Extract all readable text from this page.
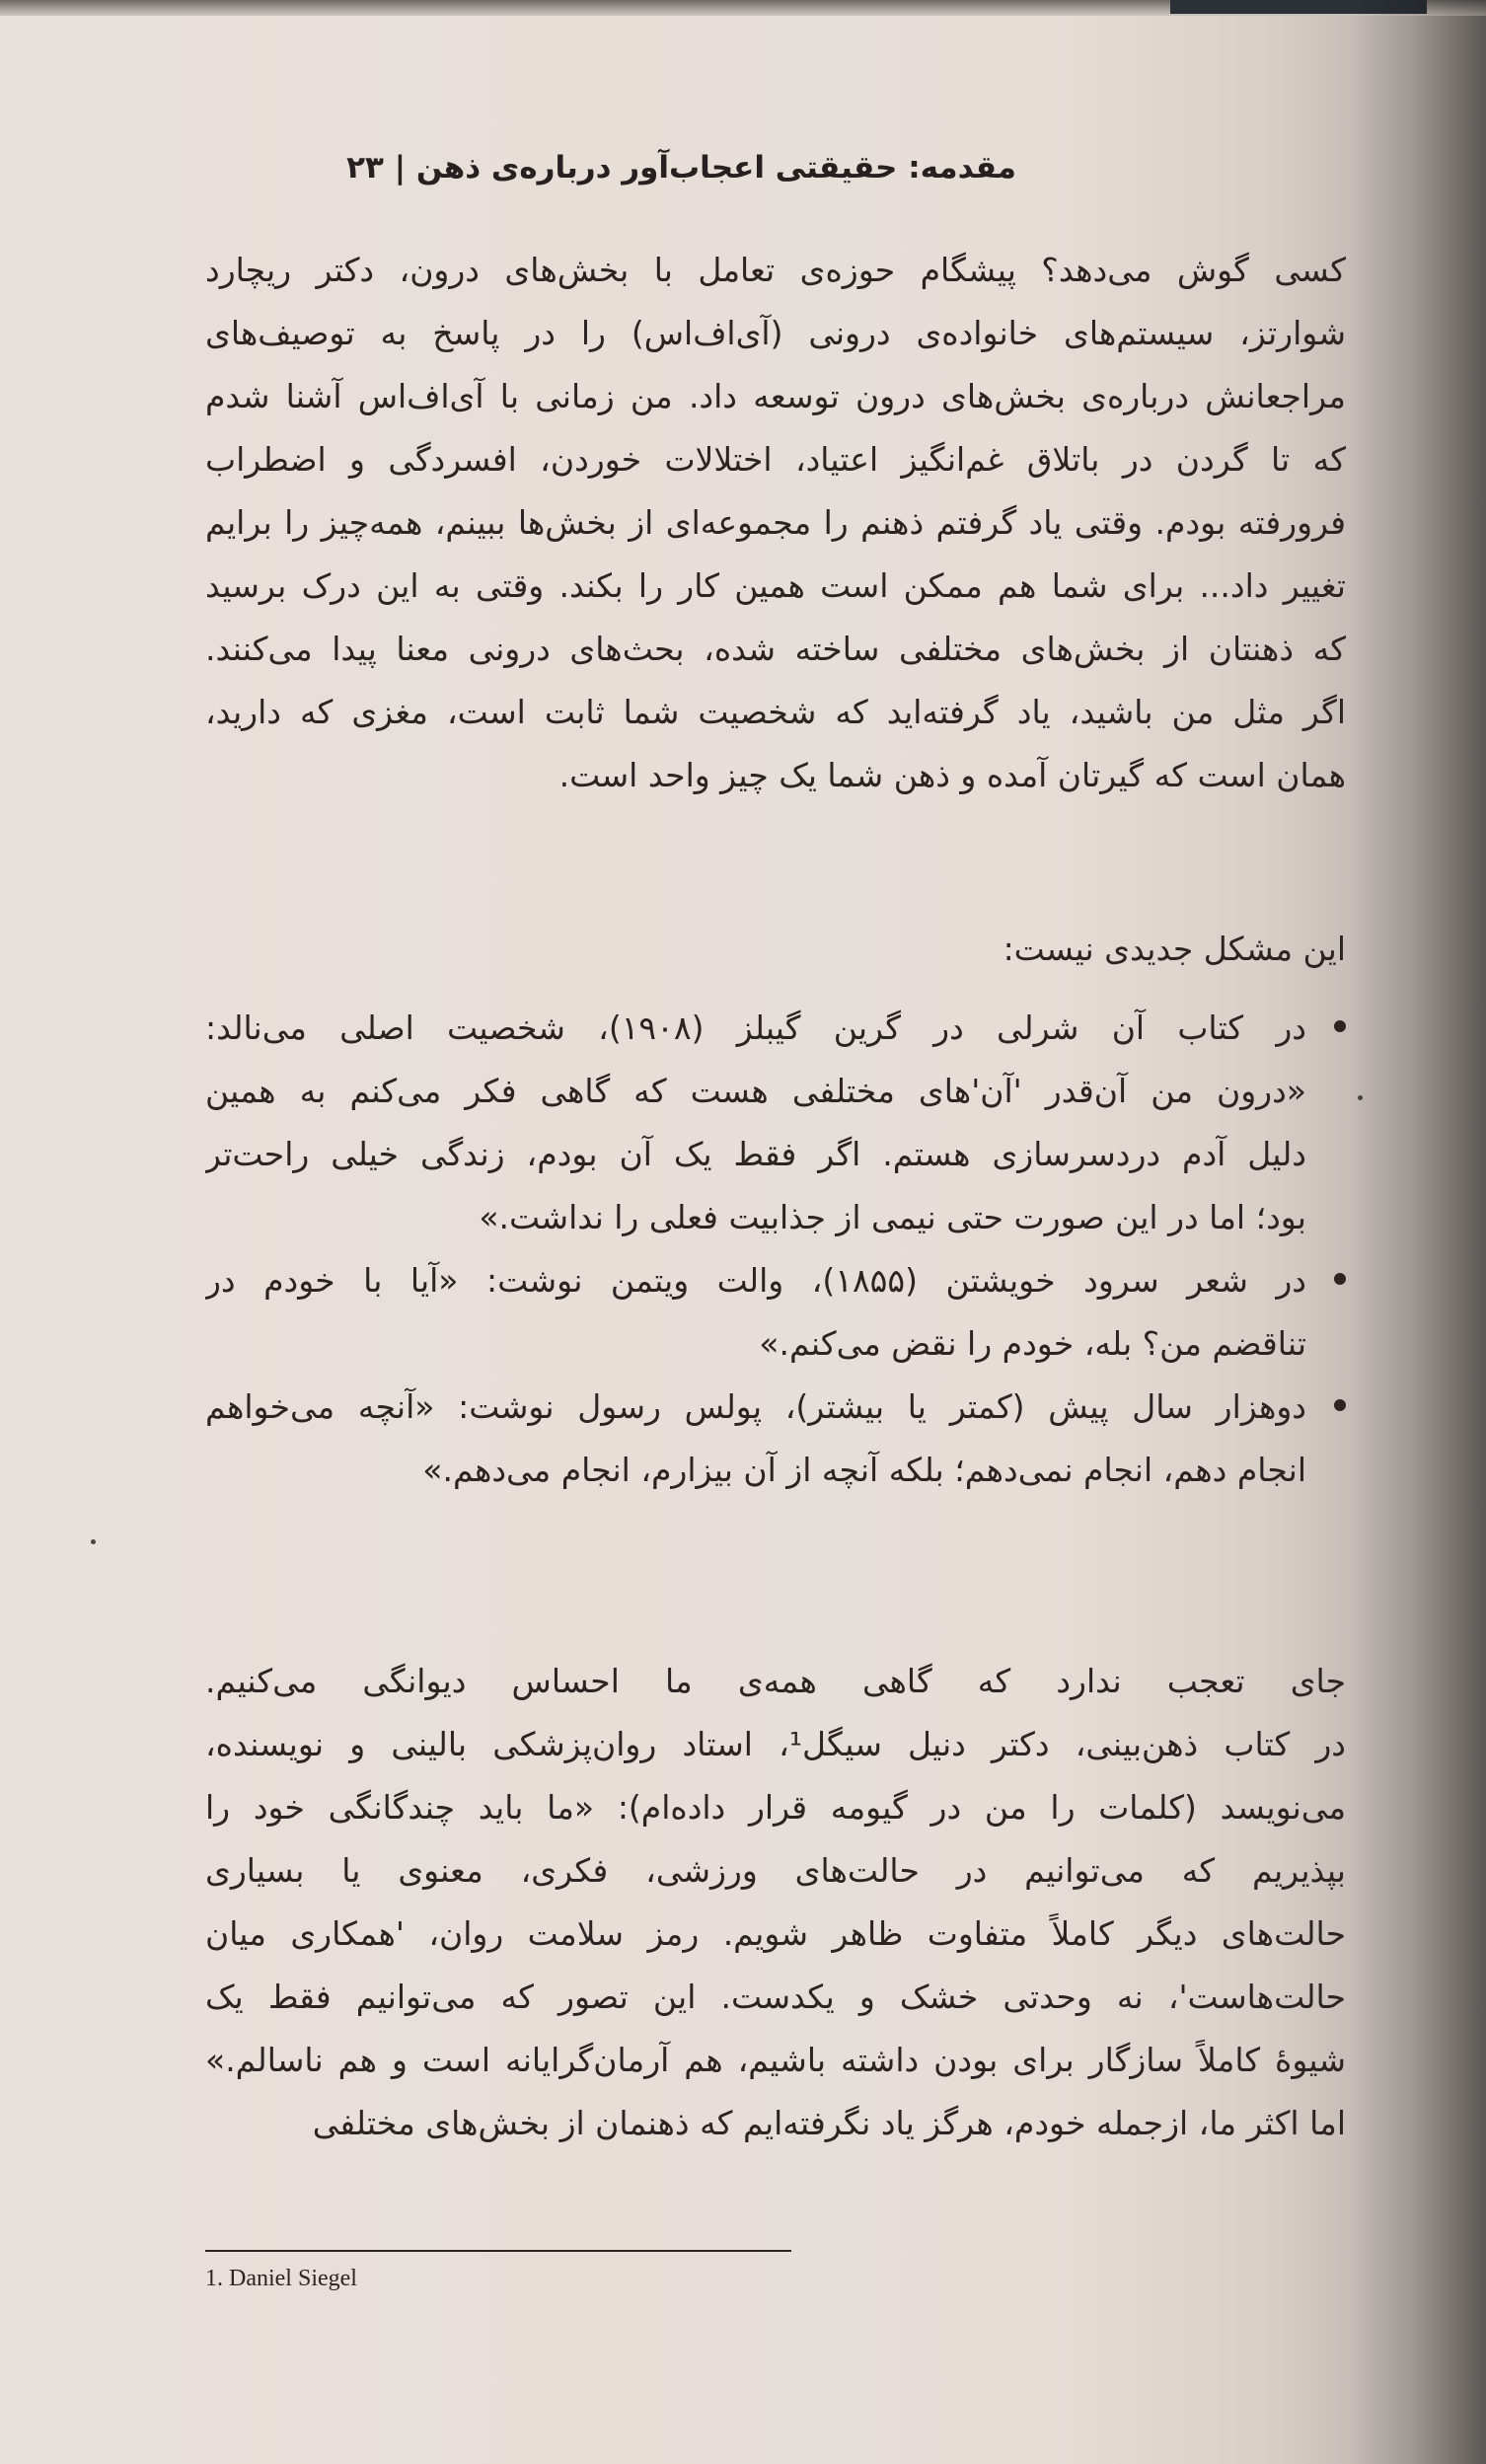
مقدمه: حقیقتی اعجاب‌آور درباره‌ی ذهن | ۲۳
کسی گوش می‌دهد؟ پیشگام حوزه‌ی تعامل با بخش‌های درون، دکتر ریچارد
شوارتز، سیستم‌های خانواده‌ی درونی (آی‌اف‌اس) را در پاسخ به توصیف‌های
مراجعانش درباره‌ی بخش‌های درون توسعه داد. من زمانی با آی‌اف‌اس آشنا شدم
که تا گردن در باتلاق غم‌انگیز اعتیاد، اختلالات خوردن، افسردگی و اضطراب
فرورفته بودم. وقتی یاد گرفتم ذهنم را مجموعه‌ای از بخش‌ها ببینم، همه‌چیز را برایم
تغییر داد... برای شما هم ممکن است همین کار را بکند. وقتی به این درک برسید
که ذهنتان از بخش‌های مختلفی ساخته شده، بحث‌های درونی معنا پیدا می‌کنند.
اگر مثل من باشید، یاد گرفته‌اید که شخصیت شما ثابت است، مغزی که دارید،
همان است که گیرتان آمده و ذهن شما یک چیز واحد است.
این مشکل جدیدی نیست:
در کتاب آن شرلی در گرین گیبلز (۱۹۰۸)، شخصیت اصلی می‌نالد:
«درون من آن‌قدر 'آن'های مختلفی هست که گاهی فکر می‌کنم به همین
دلیل آدم دردسرسازی هستم. اگر فقط یک آن بودم، زندگی خیلی راحت‌تر
بود؛ اما در این صورت حتی نیمی از جذابیت فعلی را نداشت.»
در شعر سرود خویشتن (۱۸۵۵)، والت ویتمن نوشت: «آیا با خودم در
تناقضم من؟ بله، خودم را نقض می‌کنم.»
دوهزار سال پیش (کمتر یا بیشتر)، پولس رسول نوشت: «آنچه می‌خواهم
انجام دهم، انجام نمی‌دهم؛ بلکه آنچه از آن بیزارم، انجام می‌دهم.»
جای تعجب ندارد که گاهی همه‌ی ما احساس دیوانگی می‌کنیم.
در کتاب ذهن‌بینی، دکتر دنیل سیگل¹، استاد روان‌پزشکی بالینی و نویسنده،
می‌نویسد (کلمات را من در گیومه قرار داده‌ام): «ما باید چندگانگی خود را
بپذیریم که می‌توانیم در حالت‌های ورزشی، فکری، معنوی یا بسیاری
حالت‌های دیگر کاملاً متفاوت ظاهر شویم. رمز سلامت روان، 'همکاری میان
حالت‌هاست'، نه وحدتی خشک و یکدست. این تصور که می‌توانیم فقط یک
شیوهٔ کاملاً سازگار برای بودن داشته باشیم، هم آرمان‌گرایانه است و هم ناسالم.»
اما اکثر ما، ازجمله خودم، هرگز یاد نگرفته‌ایم که ذهنمان از بخش‌های مختلفی
1. Daniel Siegel
